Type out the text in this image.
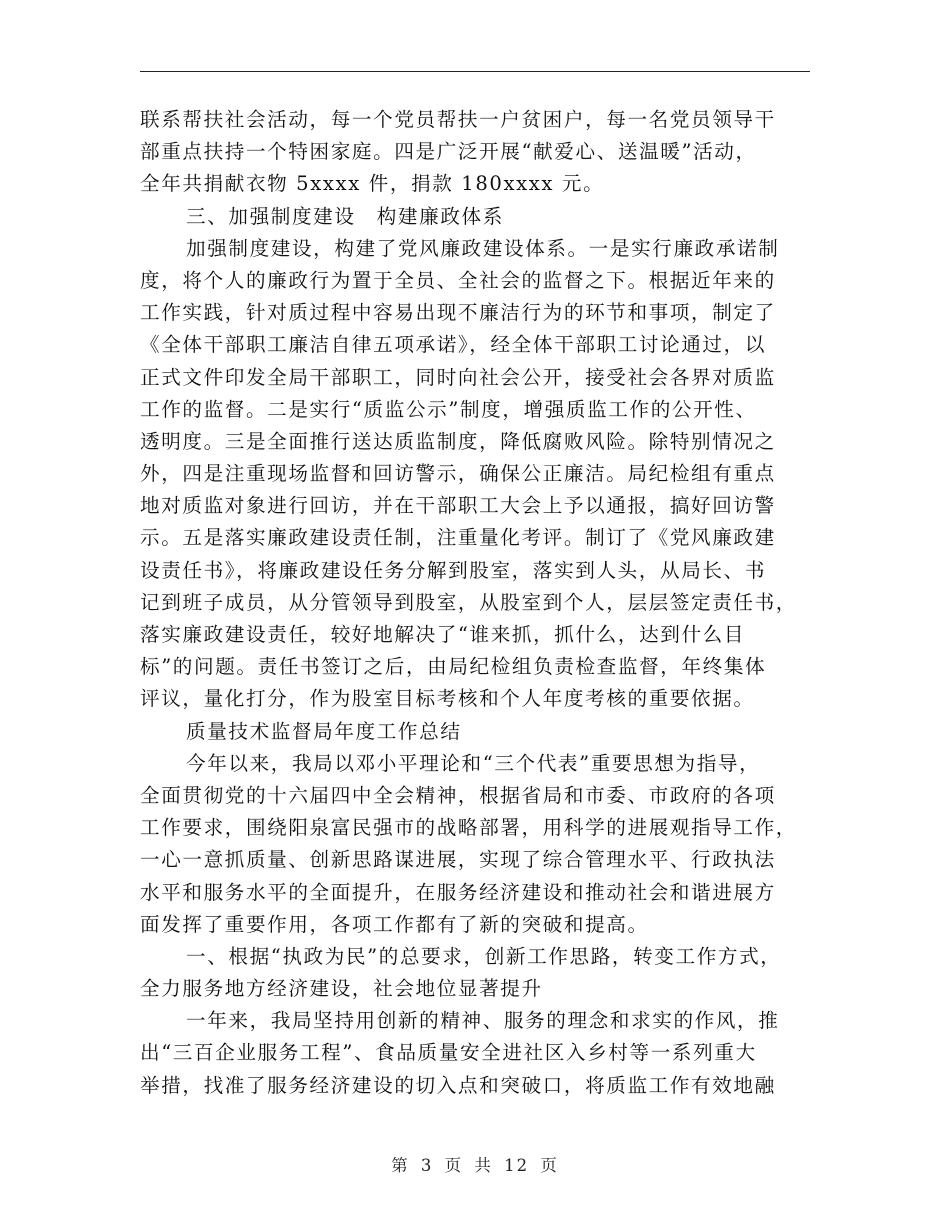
联系帮扶社会活动，每一个党员帮扶一户贫困户，每一名党员领导干
部重点扶持一个特困家庭。四是广泛开展“献爱心、送温暖”活动，
全年共捐献衣物 5xxxx 件，捐款 180xxxx 元。
三、加强制度建设　构建廉政体系
加强制度建设，构建了党风廉政建设体系。一是实行廉政承诺制
度，将个人的廉政行为置于全员、全社会的监督之下。根据近年来的
工作实践，针对质过程中容易出现不廉洁行为的环节和事项，制定了
《全体干部职工廉洁自律五项承诺》，经全体干部职工讨论通过，以
正式文件印发全局干部职工，同时向社会公开，接受社会各界对质监
工作的监督。二是实行“质监公示”制度，增强质监工作的公开性、
透明度。三是全面推行送达质监制度，降低腐败风险。除特别情况之
外，四是注重现场监督和回访警示，确保公正廉洁。局纪检组有重点
地对质监对象进行回访，并在干部职工大会上予以通报，搞好回访警
示。五是落实廉政建设责任制，注重量化考评。制订了《党风廉政建
设责任书》，将廉政建设任务分解到股室，落实到人头，从局长、书
记到班子成员，从分管领导到股室，从股室到个人，层层签定责任书，
落实廉政建设责任，较好地解决了“谁来抓，抓什么，达到什么目
标”的问题。责任书签订之后，由局纪检组负责检查监督，年终集体
评议，量化打分，作为股室目标考核和个人年度考核的重要依据。
质量技术监督局年度工作总结
今年以来，我局以邓小平理论和“三个代表”重要思想为指导，
全面贯彻党的十六届四中全会精神，根据省局和市委、市政府的各项
工作要求，围绕阳泉富民强市的战略部署，用科学的进展观指导工作，
一心一意抓质量、创新思路谋进展，实现了综合管理水平、行政执法
水平和服务水平的全面提升，在服务经济建设和推动社会和谐进展方
面发挥了重要作用，各项工作都有了新的突破和提高。
一、根据“执政为民”的总要求，创新工作思路，转变工作方式，
全力服务地方经济建设，社会地位显著提升
一年来，我局坚持用创新的精神、服务的理念和求实的作风，推
出“三百企业服务工程”、食品质量安全进社区入乡村等一系列重大
举措，找准了服务经济建设的切入点和突破口，将质监工作有效地融
第 3 页 共 12 页
